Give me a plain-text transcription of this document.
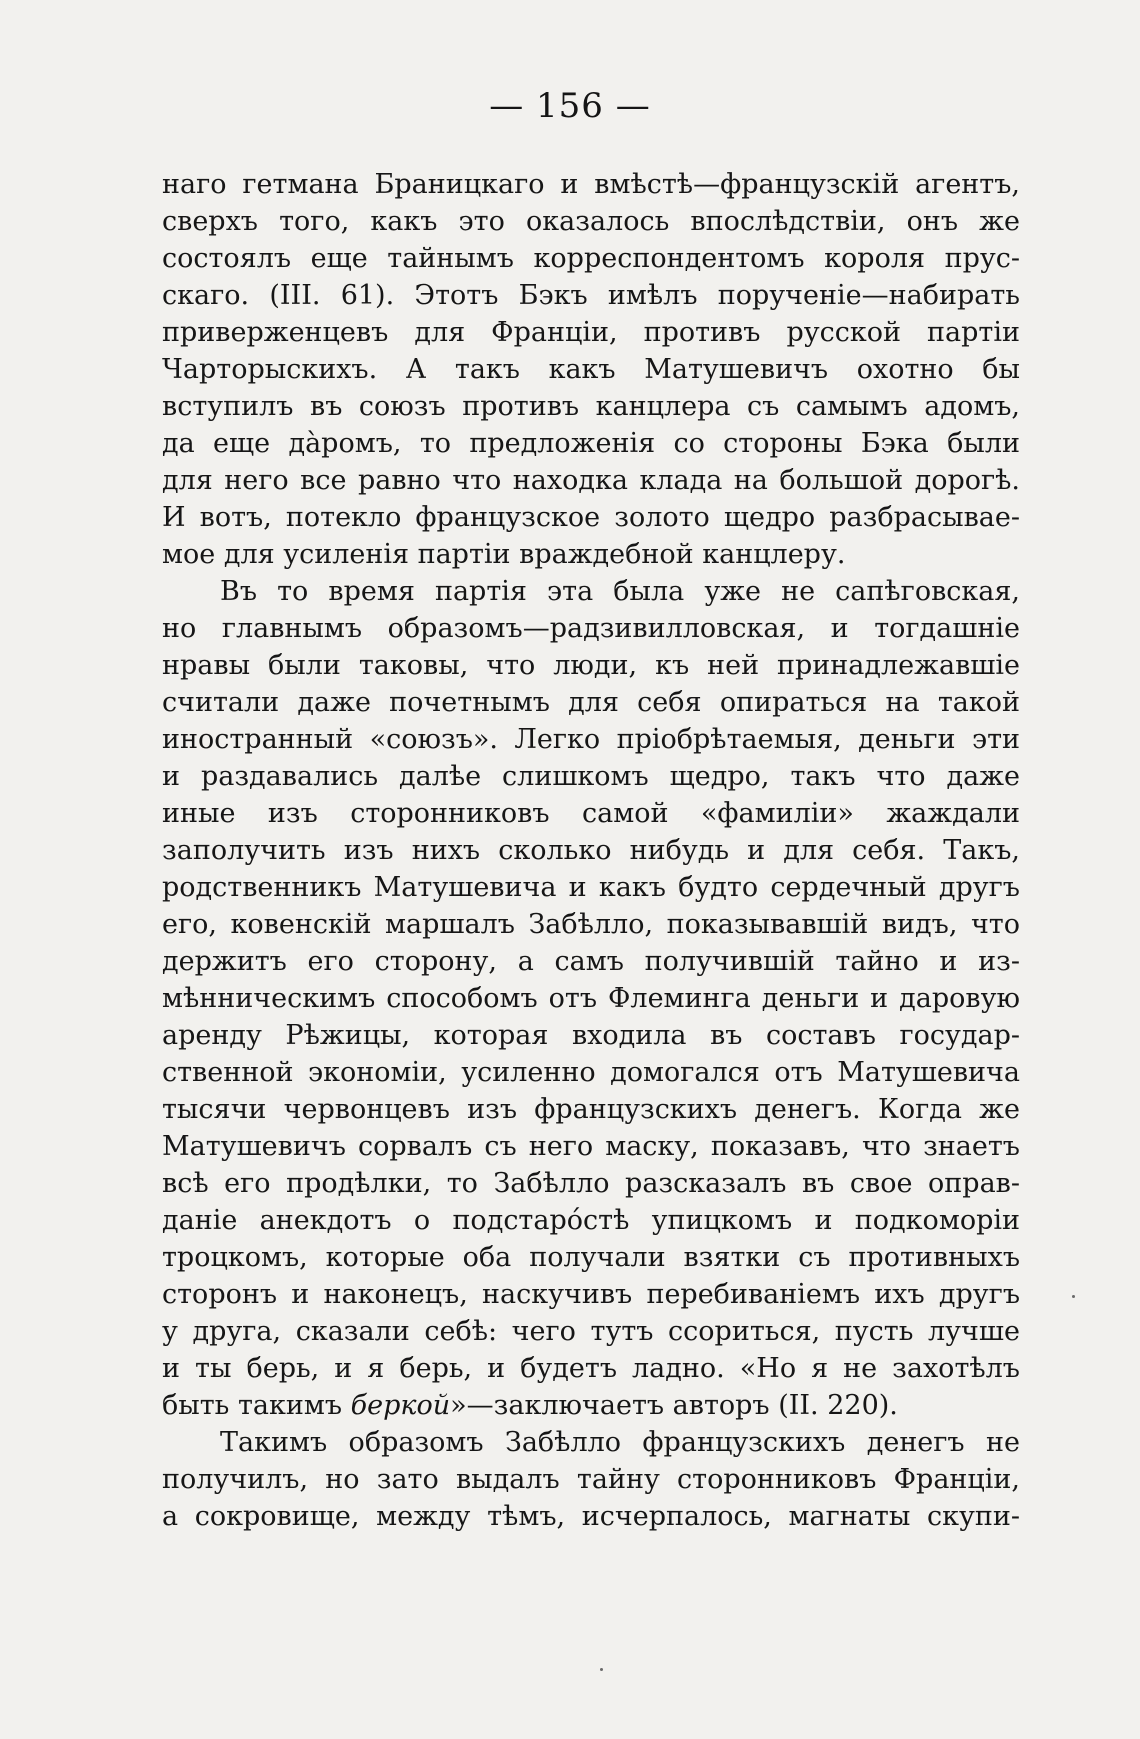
— 156 —
наго гетмана Браницкаго и вмѣстѣ—французскій агентъ,
сверхъ того, какъ это оказалось впослѣдствіи, онъ же
состоялъ еще тайнымъ корреспондентомъ короля прус-
скаго. (III. 61). Этотъ Бэкъ имѣлъ порученіе—набирать
приверженцевъ для Франціи, противъ русской партіи
Чарторыскихъ. А такъ какъ Матушевичъ охотно бы
вступилъ въ союзъ противъ канцлера съ самымъ адомъ,
да еще дàромъ, то предложенія со стороны Бэка были
для него все равно что находка клада на большой дорогѣ.
И вотъ, потекло французское золото щедро разбрасывае-
мое для усиленія партіи враждебной канцлеру.
Въ то время партія эта была уже не сапѣговская,
но главнымъ образомъ—радзивилловская, и тогдашніе
нравы были таковы, что люди, къ ней принадлежавшіе
считали даже почетнымъ для себя опираться на такой
иностранный «союзъ». Легко пріобрѣтаемыя, деньги эти
и раздавались далѣе слишкомъ щедро, такъ что даже
иные изъ сторонниковъ самой «фамиліи» жаждали
заполучить изъ нихъ сколько нибудь и для себя. Такъ,
родственникъ Матушевича и какъ будто сердечный другъ
его, ковенскій маршалъ Забѣлло, показывавшій видъ, что
держитъ его сторону, а самъ получившій тайно и из-
мѣнническимъ способомъ отъ Флеминга деньги и даровую
аренду Рѣжицы, которая входила въ составъ государ-
ственной экономіи, усиленно домогался отъ Матушевича
тысячи червонцевъ изъ французскихъ денегъ. Когда же
Матушевичъ сорвалъ съ него маску, показавъ, что знаетъ
всѣ его продѣлки, то Забѣлло разсказалъ въ свое оправ-
даніе анекдотъ о подстарóстѣ упицкомъ и подкоморіи
троцкомъ, которые оба получали взятки съ противныхъ
сторонъ и наконецъ, наскучивъ перебиваніемъ ихъ другъ
у друга, сказали себѣ: чего тутъ ссориться, пусть лучше
и ты берь, и я берь, и будетъ ладно. «Но я не захотѣлъ
быть такимъ беркой»—заключаетъ авторъ (II. 220).
Такимъ образомъ Забѣлло французскихъ денегъ не
получилъ, но зато выдалъ тайну сторонниковъ Франціи,
а сокровище, между тѣмъ, исчерпалось, магнаты скупи-
